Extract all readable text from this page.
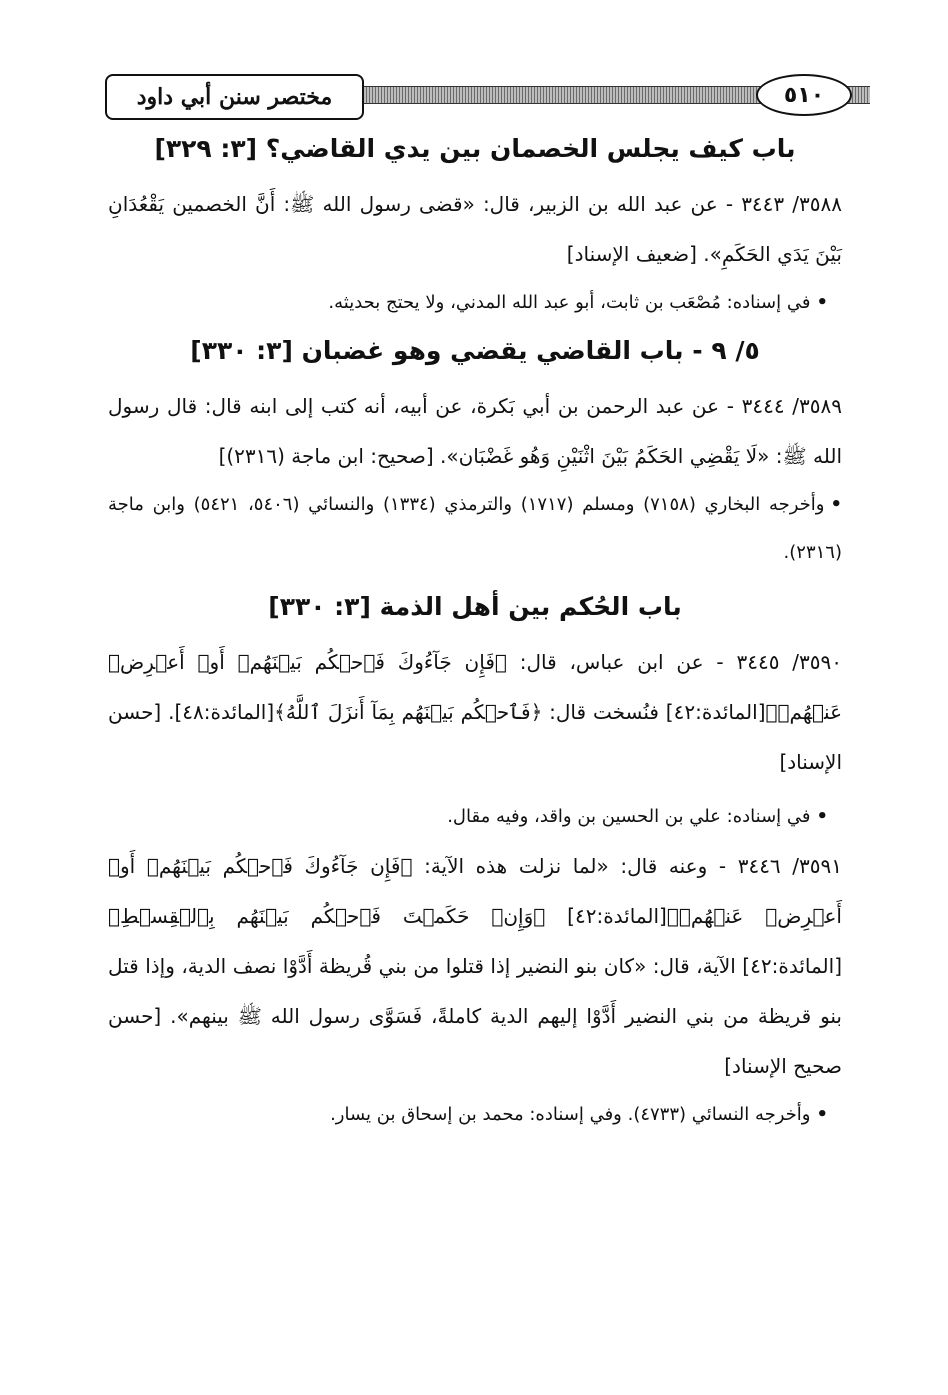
٥١٠
مختصر سنن أبي داود
باب كيف يجلس الخصمان بين يدي القاضي؟ [٣: ٣٢٩]

٣٥٨٨/ ٣٤٤٣ - عن عبد الله بن الزبير، قال: «قضى رسول الله ﷺ: أَنَّ الخصمين يَقْعُدَانِ بَيْنَ يَدَي الحَكَمِ». [ضعيف الإسناد]

•في إسناده: مُصْعَب بن ثابت، أبو عبد الله المدني، ولا يحتج بحديثه.

٥/ ٩ - باب القاضي يقضي وهو غضبان [٣: ٣٣٠]

٣٥٨٩/ ٣٤٤٤ - عن عبد الرحمن بن أبي بَكرة، عن أبيه، أنه كتب إلى ابنه قال: قال رسول الله ﷺ: «لَا يَقْضِي الحَكَمُ بَيْنَ اثْنَيْنِ وَهُو غَضْبَان». [صحيح: ابن ماجة (٢٣١٦)]

•وأخرجه البخاري (٧١٥٨) ومسلم (١٧١٧) والترمذي (١٣٣٤) والنسائي (٥٤٠٦، ٥٤٢١) وابن ماجة (٢٣١٦).

باب الحُكم بين أهل الذمة [٣: ٣٣٠]

٣٥٩٠/ ٣٤٤٥ - عن ابن عباس، قال: ﴿فَإِن جَآءُوكَ فَٱحۡكُم بَيۡنَهُمۡ أَوۡ أَعۡرِضۡ عَنۡهُمۡ﴾[المائدة:٤٢] فنُسخت قال: ﴿فَٱحۡكُم بَيۡنَهُم بِمَآ أَنزَلَ ٱللَّهُ﴾[المائدة:٤٨]. [حسن الإسناد]

•في إسناده: علي بن الحسين بن واقد، وفيه مقال.

٣٥٩١/ ٣٤٤٦ - وعنه قال: «لما نزلت هذه الآية: ﴿فَإِن جَآءُوكَ فَٱحۡكُم بَيۡنَهُمۡ أَوۡ أَعۡرِضۡ عَنۡهُمۡ﴾[المائدة:٤٢] ﴿وَإِنۡ حَكَمۡتَ فَٱحۡكُم بَيۡنَهُم بِٱلۡقِسۡطِ﴾[المائدة:٤٢] الآية، قال: «كان بنو النضير إذا قتلوا من بني قُريظة أَدَّوْا نصف الدية، وإذا قتل بنو قريظة من بني النضير أَدَّوْا إليهم الدية كاملةً، فَسَوَّى رسول الله ﷺ بينهم». [حسن صحيح الإسناد]

•وأخرجه النسائي (٤٧٣٣). وفي إسناده: محمد بن إسحاق بن يسار.
